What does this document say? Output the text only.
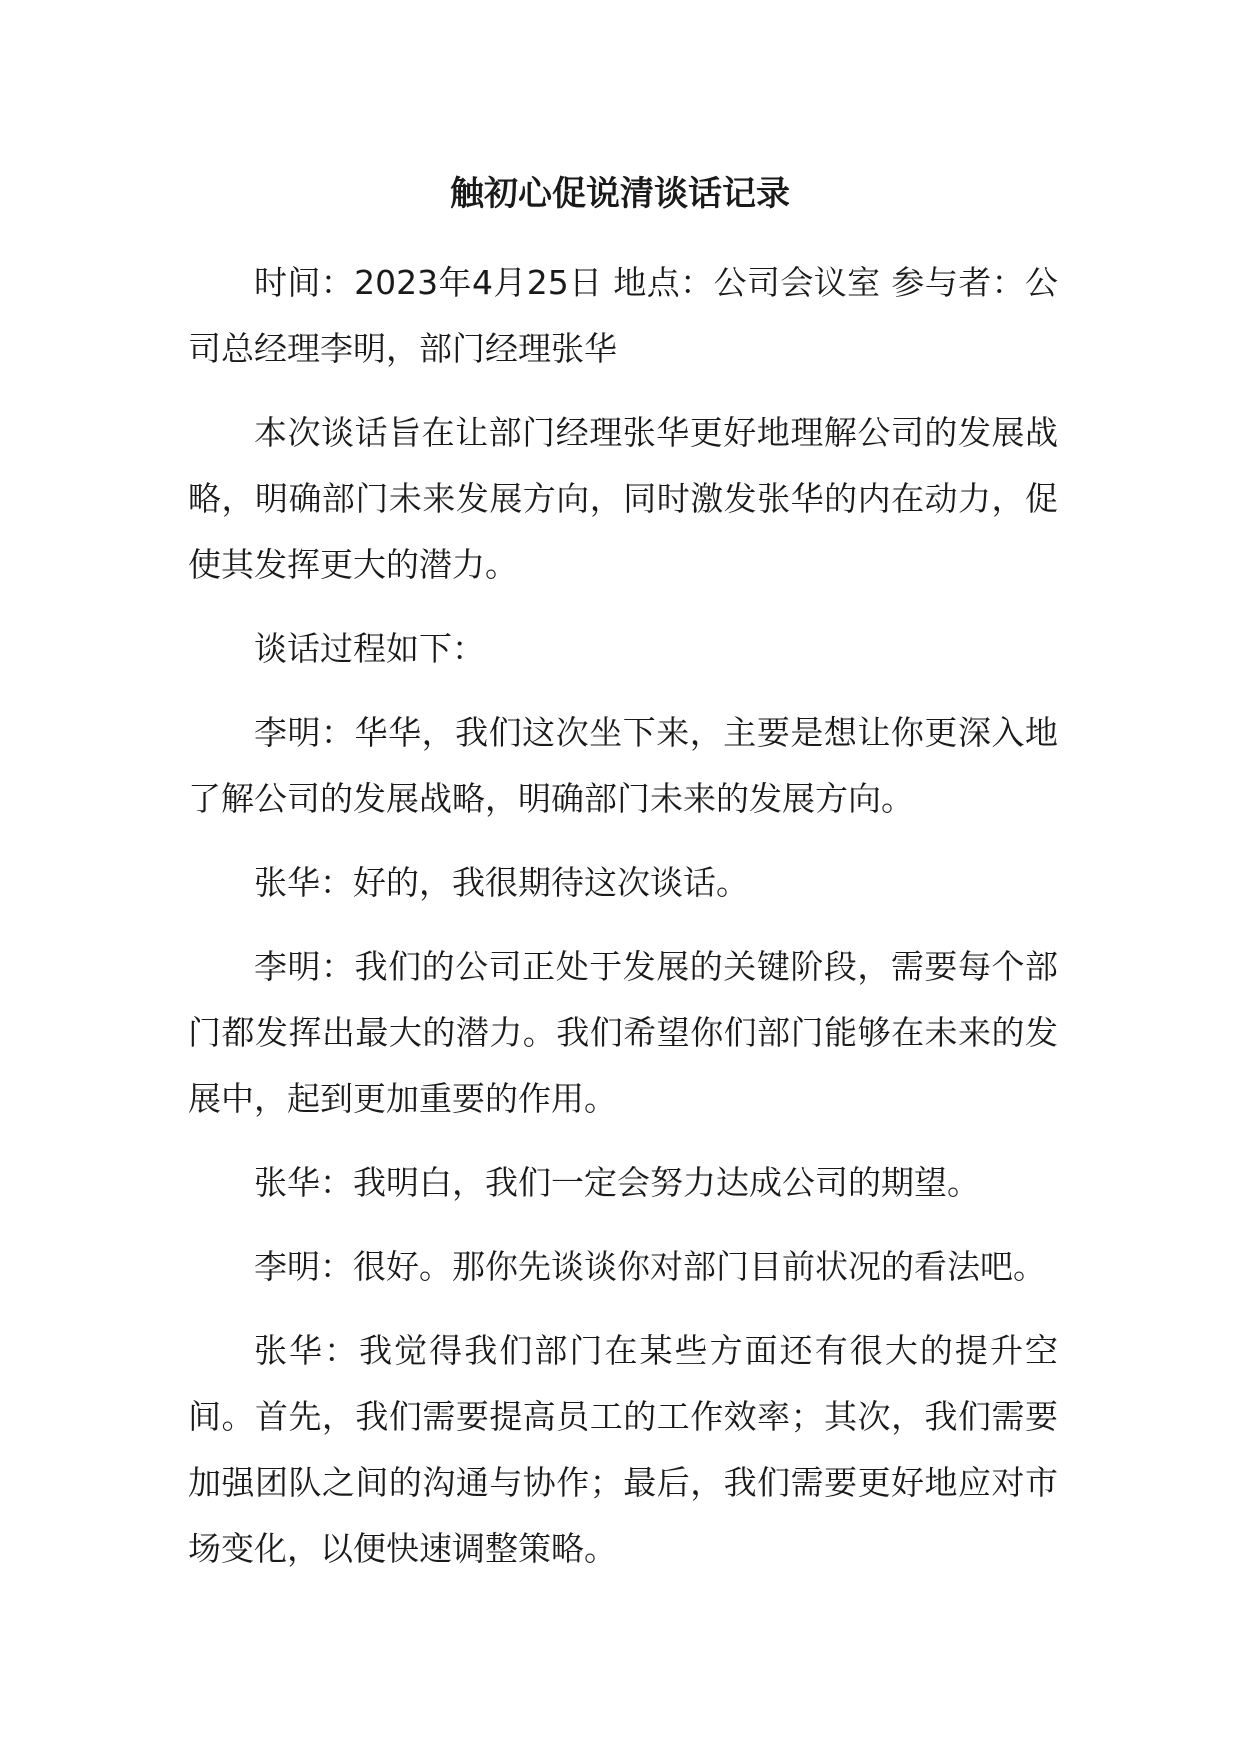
触初心促说清谈话记录

时间：2023年4月25日 地点：公司会议室 参与者：公司总经理李明，部门经理张华

本次谈话旨在让部门经理张华更好地理解公司的发展战略，明确部门未来发展方向，同时激发张华的内在动力，促使其发挥更大的潜力。

谈话过程如下：

李明：华华，我们这次坐下来，主要是想让你更深入地了解公司的发展战略，明确部门未来的发展方向。

张华：好的，我很期待这次谈话。

李明：我们的公司正处于发展的关键阶段，需要每个部门都发挥出最大的潜力。我们希望你们部门能够在未来的发展中，起到更加重要的作用。

张华：我明白，我们一定会努力达成公司的期望。

李明：很好。那你先谈谈你对部门目前状况的看法吧。

张华：我觉得我们部门在某些方面还有很大的提升空间。首先，我们需要提高员工的工作效率；其次，我们需要加强团队之间的沟通与协作；最后，我们需要更好地应对市场变化，以便快速调整策略。
